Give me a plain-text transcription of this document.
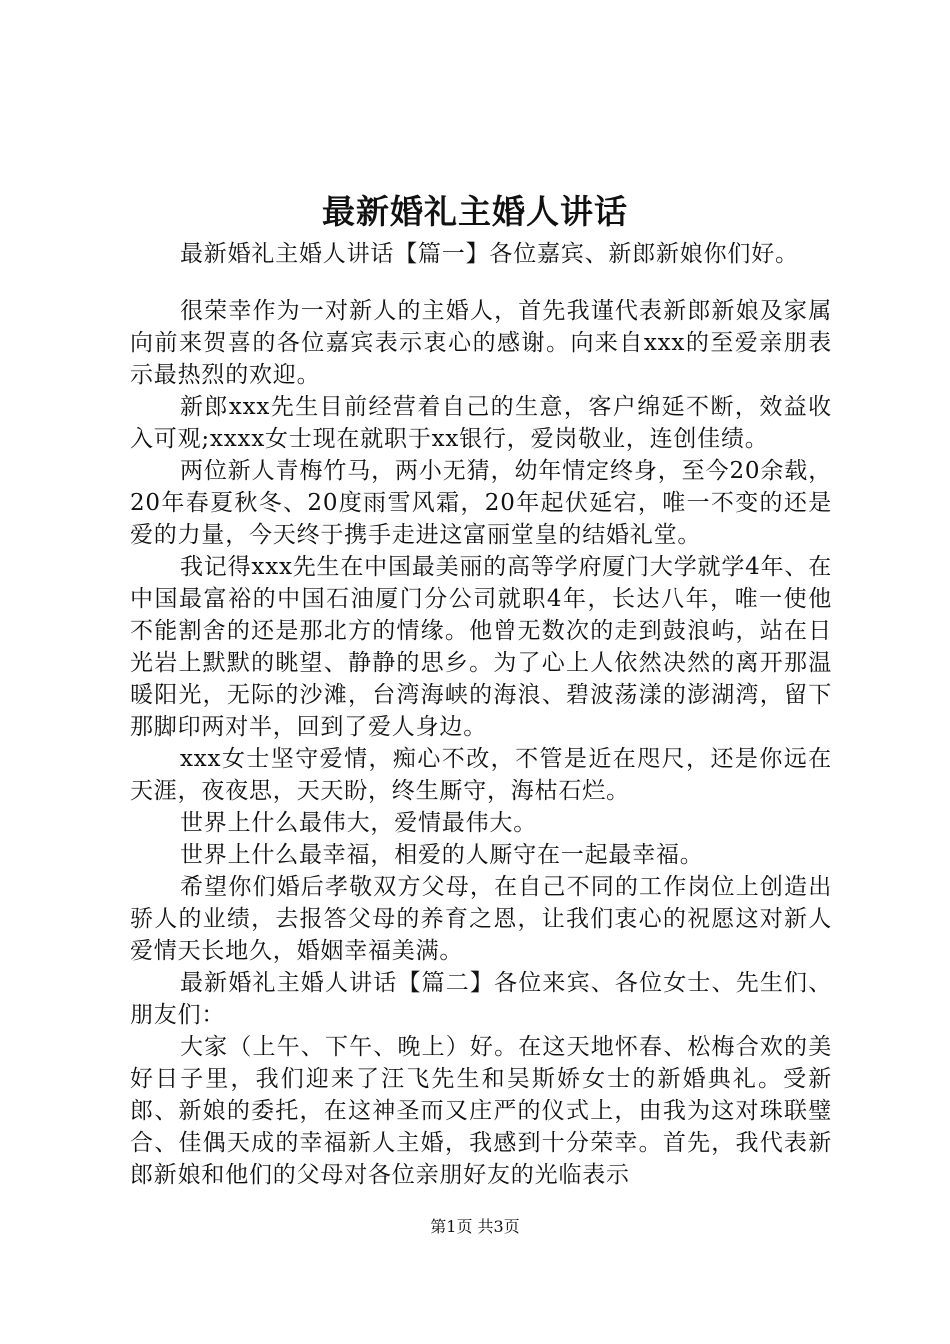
最新婚礼主婚人讲话

最新婚礼主婚人讲话【篇一】各位嘉宾、新郎新娘你们好。

很荣幸作为一对新人的主婚人，首先我谨代表新郎新娘及家属向前来贺喜的各位嘉宾表示衷心的感谢。向来自xxx的至爱亲朋表示最热烈的欢迎。

新郎xxx先生目前经营着自己的生意，客户绵延不断，效益收入可观;xxxx女士现在就职于xx银行，爱岗敬业，连创佳绩。

两位新人青梅竹马，两小无猜，幼年情定终身，至今20余载，20年春夏秋冬、20度雨雪风霜，20年起伏延宕，唯一不变的还是爱的力量，今天终于携手走进这富丽堂皇的结婚礼堂。

我记得xxx先生在中国最美丽的高等学府厦门大学就学4年、在中国最富裕的中国石油厦门分公司就职4年，长达八年，唯一使他不能割舍的还是那北方的情缘。他曾无数次的走到鼓浪屿，站在日光岩上默默的眺望、静静的思乡。为了心上人依然决然的离开那温暖阳光，无际的沙滩，台湾海峡的海浪、碧波荡漾的澎湖湾，留下那脚印两对半，回到了爱人身边。

xxx女士坚守爱情，痴心不改，不管是近在咫尺，还是你远在天涯，夜夜思，天天盼，终生厮守，海枯石烂。

世界上什么最伟大，爱情最伟大。

世界上什么最幸福，相爱的人厮守在一起最幸福。

希望你们婚后孝敬双方父母，在自己不同的工作岗位上创造出骄人的业绩，去报答父母的养育之恩，让我们衷心的祝愿这对新人爱情天长地久，婚姻幸福美满。

最新婚礼主婚人讲话【篇二】各位来宾、各位女士、先生们、朋友们：

大家（上午、下午、晚上）好。在这天地怀春、松梅合欢的美好日子里，我们迎来了汪飞先生和吴斯娇女士的新婚典礼。受新郎、新娘的委托，在这神圣而又庄严的仪式上，由我为这对珠联璧合、佳偶天成的幸福新人主婚，我感到十分荣幸。首先，我代表新郎新娘和他们的父母对各位亲朋好友的光临表示

第1页 共3页
